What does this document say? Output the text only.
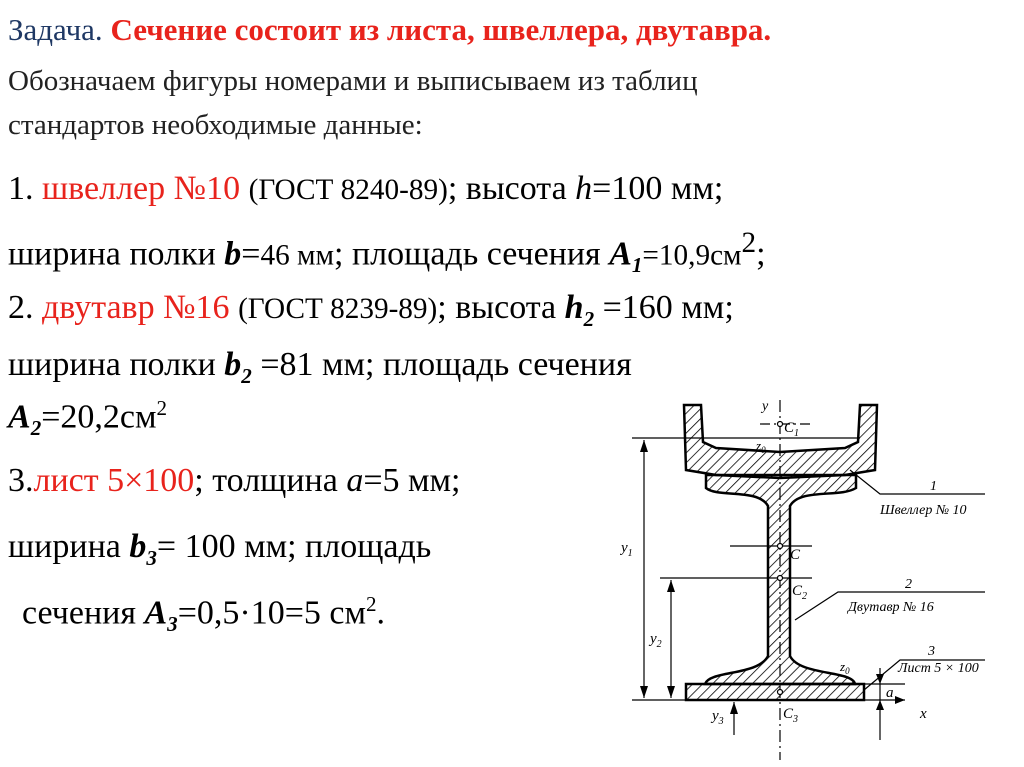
Задача. Сечение состоит из листа, швеллера, двутавра.
Обозначаем фигуры номерами и выписываем из таблиц
стандартов необходимые данные:
1. швеллер №10 (ГОСТ 8240-89); высота h=100 мм;
ширина полки b=46 мм; площадь сечения $A_1=10,9см^2$;
2. двутавр №16 (ГОСТ 8239-89); высота $h_2 =160$ мм;
ширина полки $b_2 =81$ мм; площадь сечения
$A_2=20,2см^2$
3.лист 5×100; толщина a=5 мм;
ширина $b_3= 100$ мм; площадь
сечения $A_3=0,5\cdot 10=5$ $см^2$.
y
$C_1$
$z_0$
C
$C_2$
$y_1$
$y_2$
$z_0$
a
$y_3$	$C_3$	x
1
Швеллер № 10
2
Двутавр № 16
3
Лист 5 × 100
